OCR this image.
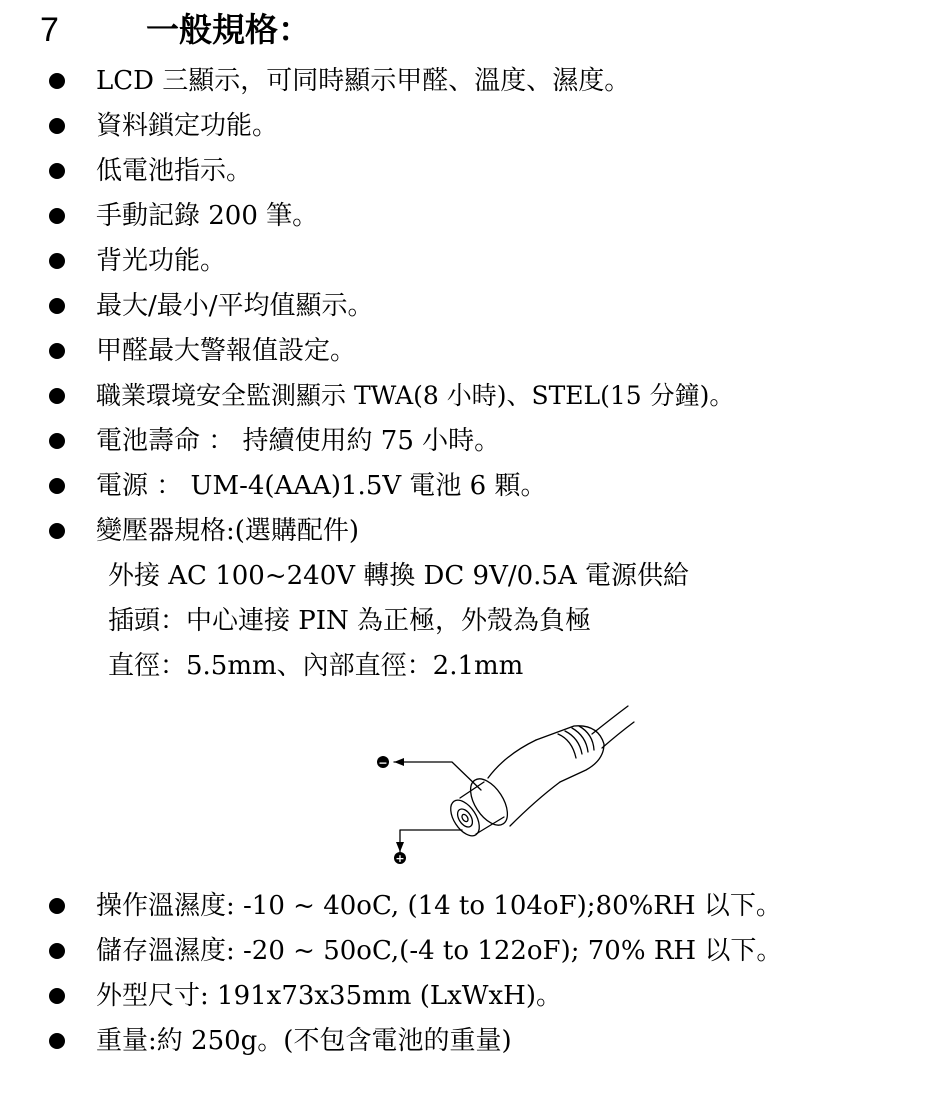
7	一般規格：
LCD 三顯示，可同時顯示甲醛、溫度、濕度。
資料鎖定功能。
低電池指示。
手動記錄 200 筆。
背光功能。
最大/最小/平均值顯示。
甲醛最大警報值設定。
職業環境安全監測顯示 TWA(8 小時)、STEL(15 分鐘)。
電池壽命 ： 持續使用約 75 小時。
電源 ： UM-4(AAA)1.5V 電池 6 顆。
變壓器規格:(選購配件)
外接 AC 100~240V 轉換 DC 9V/0.5A 電源供給
插頭：中心連接 PIN 為正極，外殼為負極
直徑：5.5mm、內部直徑：2.1mm
−
+
操作溫濕度: -10 ~ 40oC, (14 to 104oF);80%RH 以下。
儲存溫濕度: -20 ~ 50oC,(-4 to 122oF); 70% RH 以下。
外型尺寸: 191x73x35mm (LxWxH)。
重量:約 250g。(不包含電池的重量)
